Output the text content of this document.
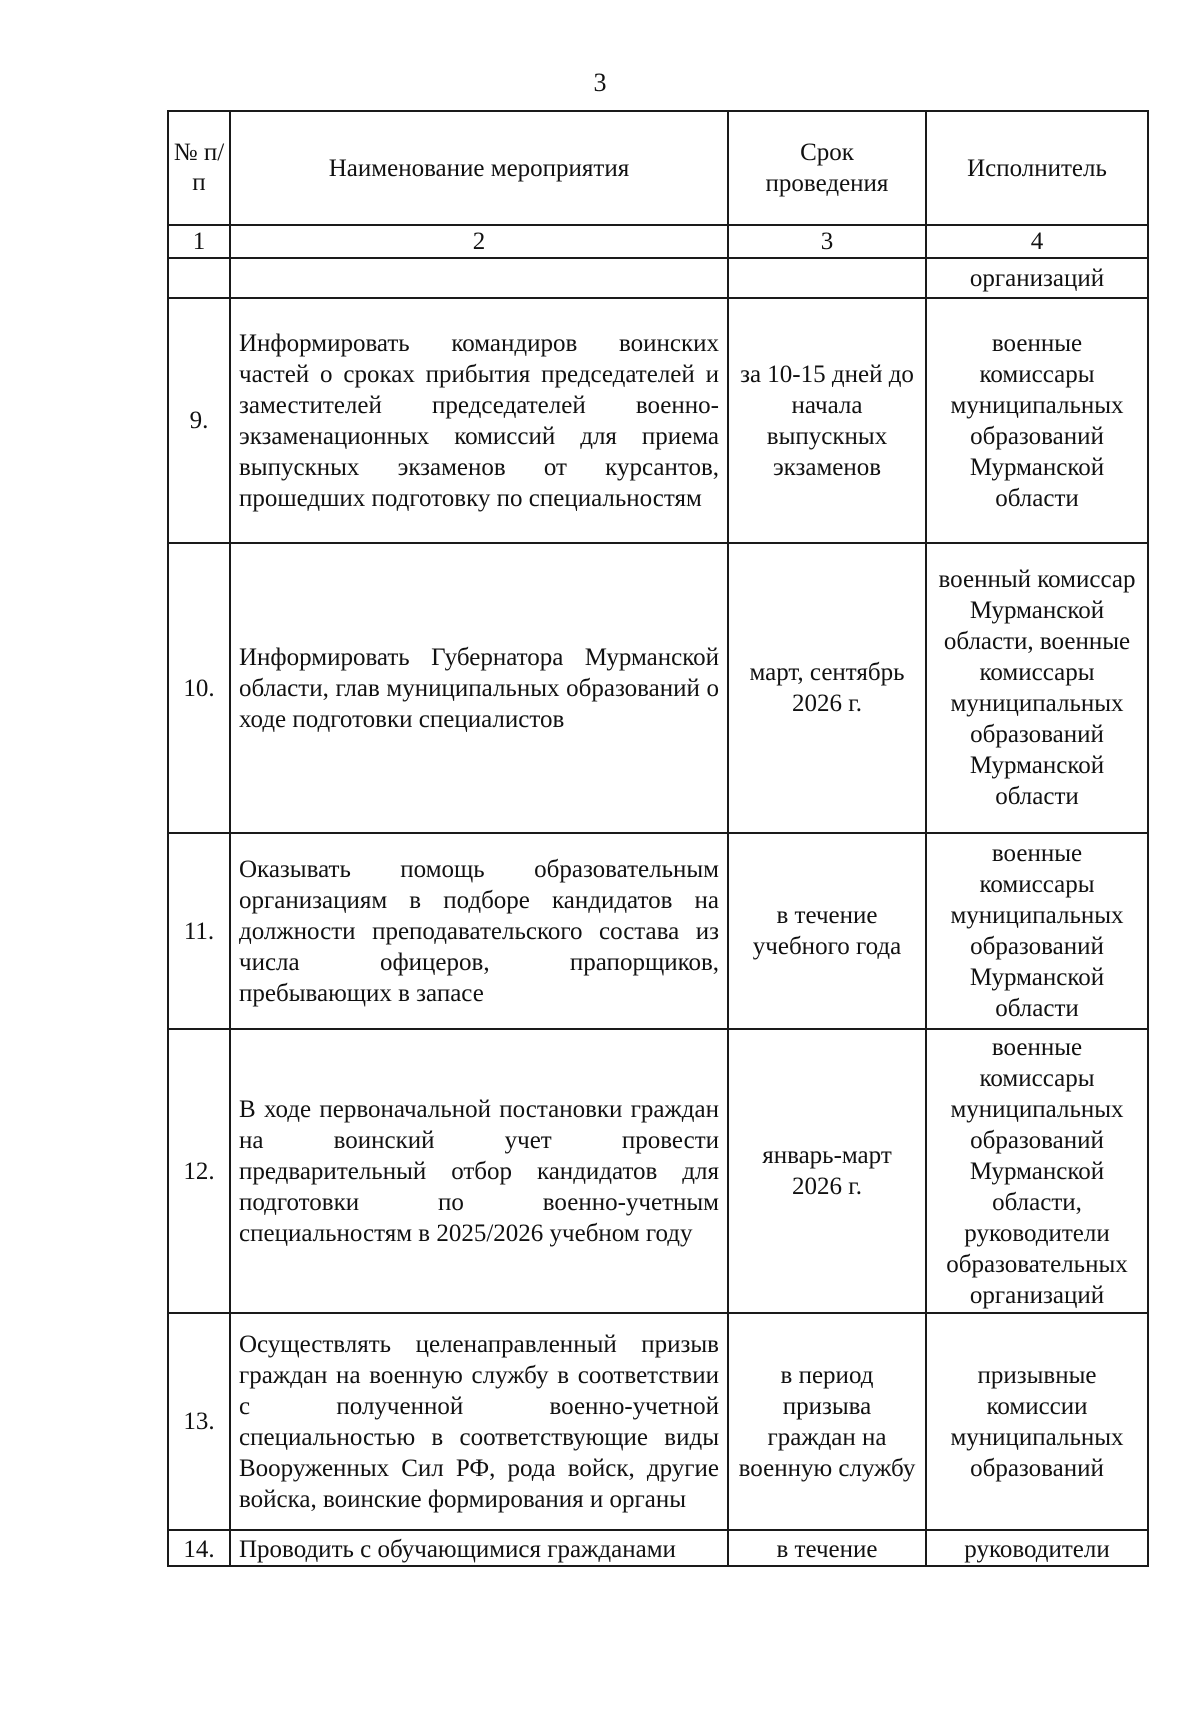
3
№ п/п	Наименование мероприятия	Срок проведения	Исполнитель
1	2	3	4
			организаций
9.	Информировать командиров воинских частей о сроках прибытия председателей и заместителей председателей военно-экзаменационных комиссий для приема выпускных экзаменов от курсантов, прошедших подготовку по специальностям	за 10-15 дней до начала выпускных экзаменов	военные комиссары муниципальных образований Мурманской области
10.	Информировать Губернатора Мурманской области, глав муниципальных образований о ходе подготовки специалистов	март, сентябрь 2026 г.	военный комиссар Мурманской области, военные комиссары муниципальных образований Мурманской области
11.	Оказывать помощь образовательным организациям в подборе кандидатов на должности преподавательского состава из числа офицеров, прапорщиков, пребывающих в запасе	в течение учебного года	военные комиссары муниципальных образований Мурманской области
12.	В ходе первоначальной постановки граждан на воинский учет провести предварительный отбор кандидатов для подготовки по военно-учетным специальностям в 2025/2026 учебном году	январь-март 2026 г.	военные комиссары муниципальных образований Мурманской области, руководители образовательных организаций
13.	Осуществлять целенаправленный призыв граждан на военную службу в соответствии с полученной военно-учетной специальностью в соответствующие виды Вооруженных Сил РФ, рода войск, другие войска, воинские формирования и органы	в период призыва граждан на военную службу	призывные комиссии муниципальных образований
14.	Проводить с обучающимися гражданами	в течение	руководители
